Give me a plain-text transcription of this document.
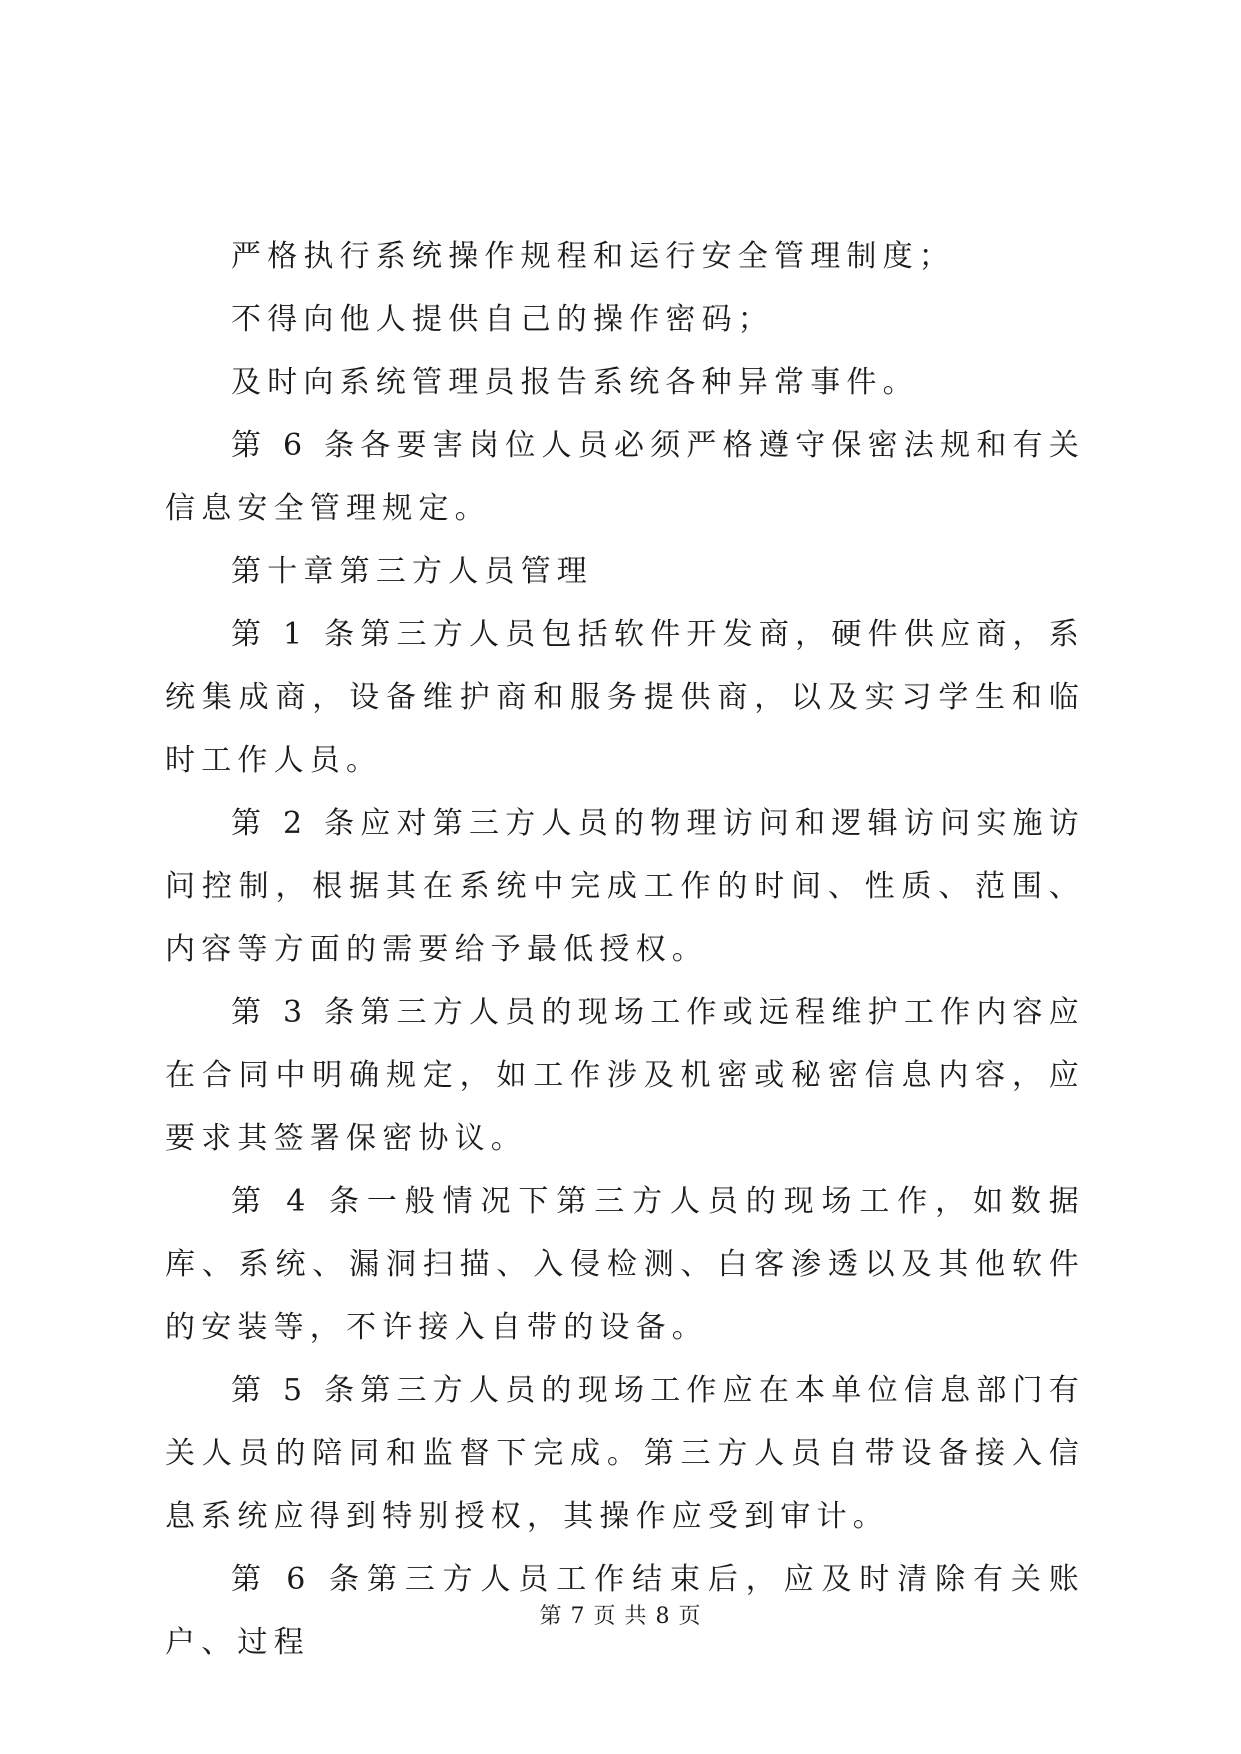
严格执行系统操作规程和运行安全管理制度；

不得向他人提供自己的操作密码；

及时向系统管理员报告系统各种异常事件。

第 6 条各要害岗位人员必须严格遵守保密法规和有关信息安全管理规定。

第十章第三方人员管理

第 1 条第三方人员包括软件开发商，硬件供应商，系统集成商，设备维护商和服务提供商，以及实习学生和临时工作人员。

第 2 条应对第三方人员的物理访问和逻辑访问实施访问控制，根据其在系统中完成工作的时间、性质、范围、内容等方面的需要给予最低授权。

第 3 条第三方人员的现场工作或远程维护工作内容应在合同中明确规定，如工作涉及机密或秘密信息内容，应要求其签署保密协议。

第 4 条一般情况下第三方人员的现场工作，如数据库、系统、漏洞扫描、入侵检测、白客渗透以及其他软件的安装等，不许接入自带的设备。

第 5 条第三方人员的现场工作应在本单位信息部门有关人员的陪同和监督下完成。第三方人员自带设备接入信息系统应得到特别授权，其操作应受到审计。

第 6 条第三方人员工作结束后，应及时清除有关账户、过程

第 7 页 共 8 页
